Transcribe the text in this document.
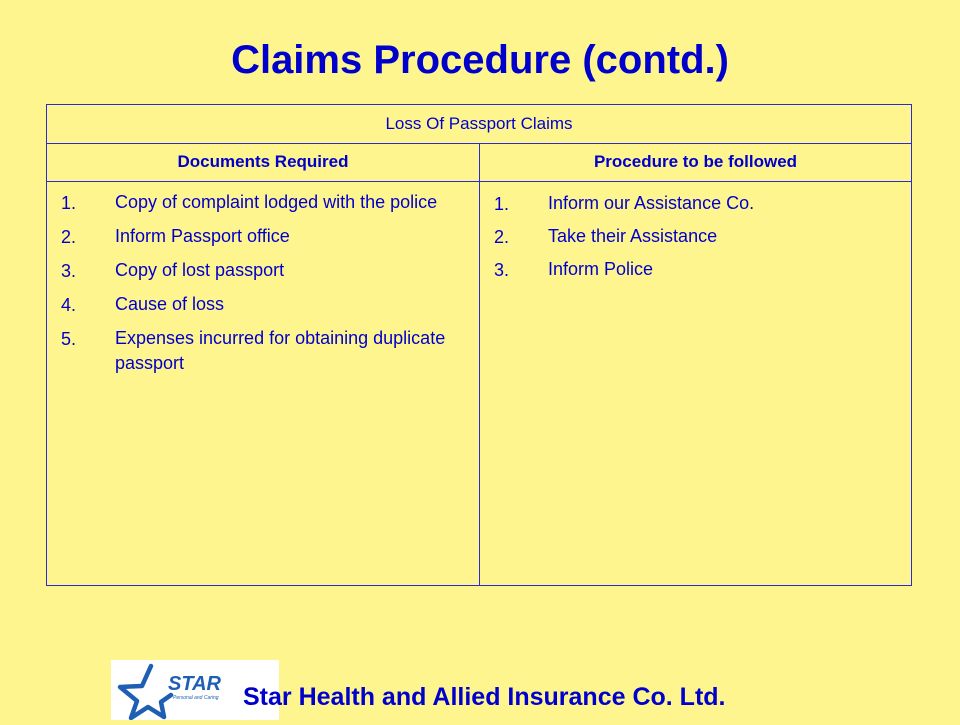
Claims Procedure (contd.)
Loss Of Passport Claims
Documents Required	Procedure to be followed
1. Copy of complaint lodged with the police
2. Inform Passport office
3. Copy of lost passport
4. Cause of loss
5. Expenses incurred for obtaining duplicate passport
1. Inform our Assistance Co.
2. Take their Assistance
3. Inform Police
STAR
Personal and Caring Star Health and Allied Insurance Co. Ltd.
